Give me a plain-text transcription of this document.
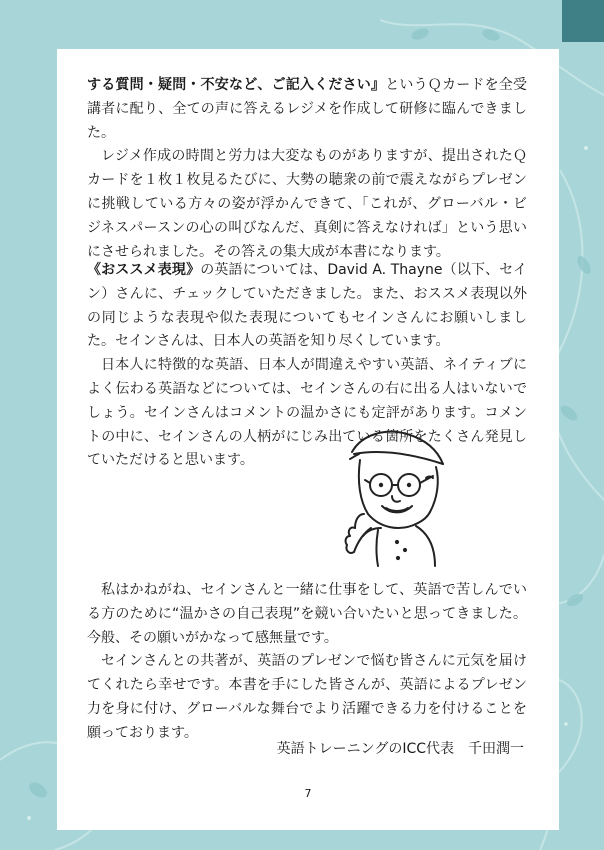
する質問・疑問・不安など、ご記入ください』というＱカードを全受講者に配り、全ての声に答えるレジメを作成して研修に臨んできました。

レジメ作成の時間と労力は大変なものがありますが、提出されたＱカードを１枚１枚見るたびに、大勢の聴衆の前で震えながらプレゼンに挑戦している方々の姿が浮かんできて、「これが、グローバル・ビジネスパースンの心の叫びなんだ、真剣に答えなければ」という思いにさせられました。その答えの集大成が本書になります。

《おススメ表現》の英語については、David A. Thayne（以下、セイン）さんに、チェックしていただきました。また、おススメ表現以外の同じような表現や似た表現についてもセインさんにお願いしました。セインさんは、日本人の英語を知り尽くしています。

日本人に特徴的な英語、日本人が間違えやすい英語、ネイティブによく伝わる英語などについては、セインさんの右に出る人はいないでしょう。セインさんはコメントの温かさにも定評があります。コメントの中に、セインさんの人柄がにじみ出ている箇所をたくさん発見していただけると思います。

私はかねがね、セインさんと一緒に仕事をして、英語で苦しんでいる方のために“温かさの自己表現”を競い合いたいと思ってきました。今般、その願いがかなって感無量です。

セインさんとの共著が、英語のプレゼンで悩む皆さんに元気を届けてくれたら幸せです。本書を手にした皆さんが、英語によるプレゼン力を身に付け、グローバルな舞台でより活躍できる力を付けることを願っております。

英語トレーニングのICC代表　千田潤一
7
